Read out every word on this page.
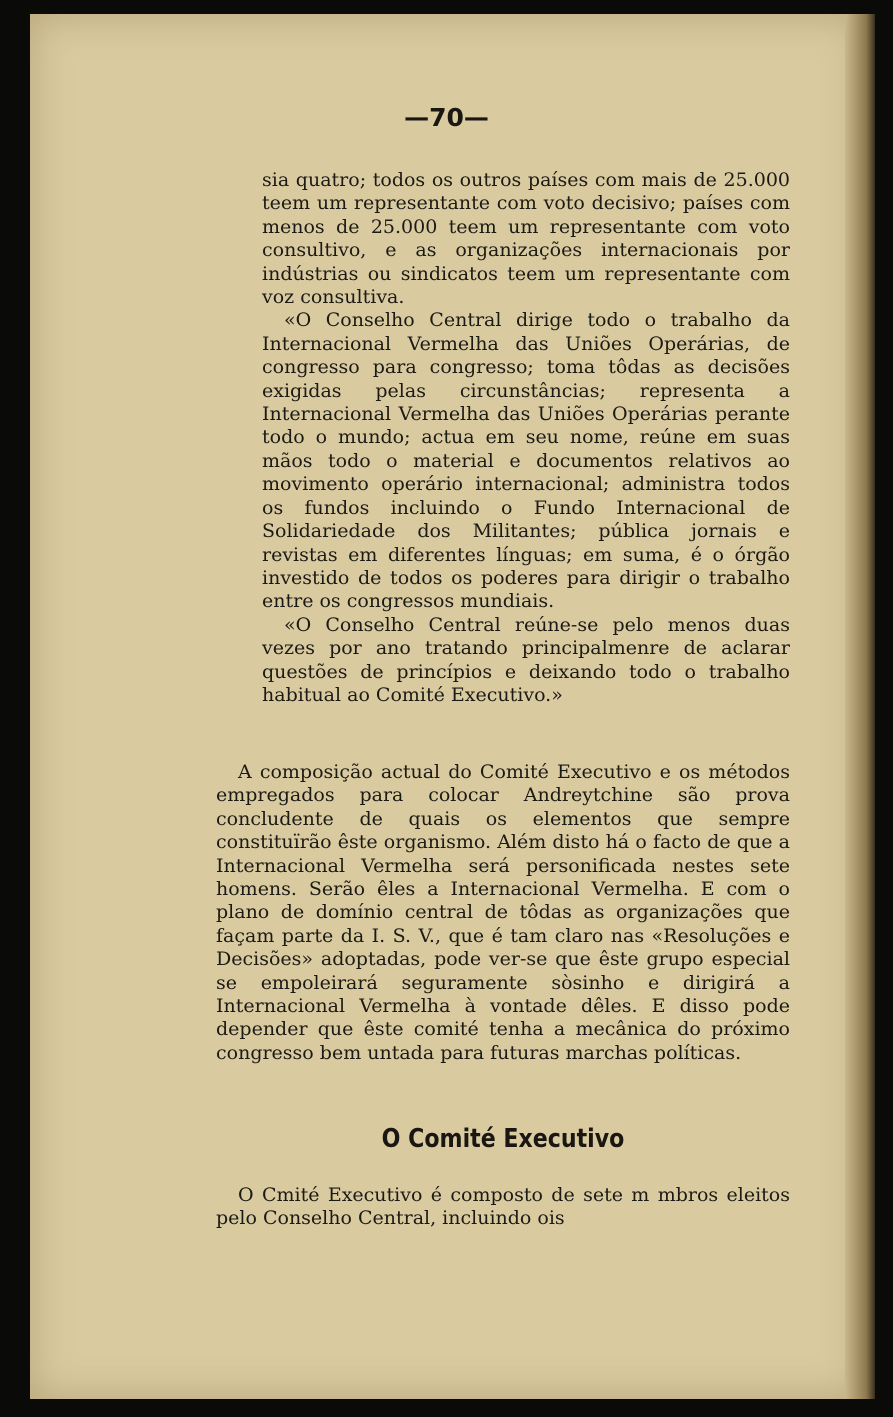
—70—

sia quatro; todos os outros países com mais de 25.000 teem um representante com voto decisivo; países com menos de 25.000 teem um representante com voto consultivo, e as organizações internacionais por indústrias ou sindicatos teem um representante com voz consultiva.

«O Conselho Central dirige todo o trabalho da Internacional Vermelha das Uniões Operárias, de congresso para congresso; toma tôdas as decisões exigidas pelas circunstâncias; representa a Internacional Vermelha das Uniões Operárias perante todo o mundo; actua em seu nome, reúne em suas mãos todo o material e documentos relativos ao movimento operário internacional; administra todos os fundos incluindo o Fundo Internacional de Solidariedade dos Militantes; pública jornais e revistas em diferentes línguas; em suma, é o órgão investido de todos os poderes para dirigir o trabalho entre os congressos mundiais.

«O Conselho Central reúne-se pelo menos duas vezes por ano tratando principalmenre de aclarar questões de princípios e deixando todo o trabalho habitual ao Comité Executivo.»

A composição actual do Comité Executivo e os métodos empregados para colocar Andreytchine são prova concludente de quais os elementos que sempre constituïrão êste organismo. Além disto há o facto de que a Internacional Vermelha será personificada nestes sete homens. Serão êles a Internacional Vermelha. E com o plano de domínio central de tôdas as organizações que façam parte da I. S. V., que é tam claro nas «Resoluções e Decisões» adoptadas, pode ver-se que êste grupo especial se empoleirará seguramente sòsinho e dirigirá a Internacional Vermelha à vontade dêles. E disso pode depender que êste comité tenha a mecânica do próximo congresso bem untada para futuras marchas políticas.

O Comité Executivo

O Cmité Executivo é composto de sete m mbros eleitos pelo Conselho Central, incluindo ois
